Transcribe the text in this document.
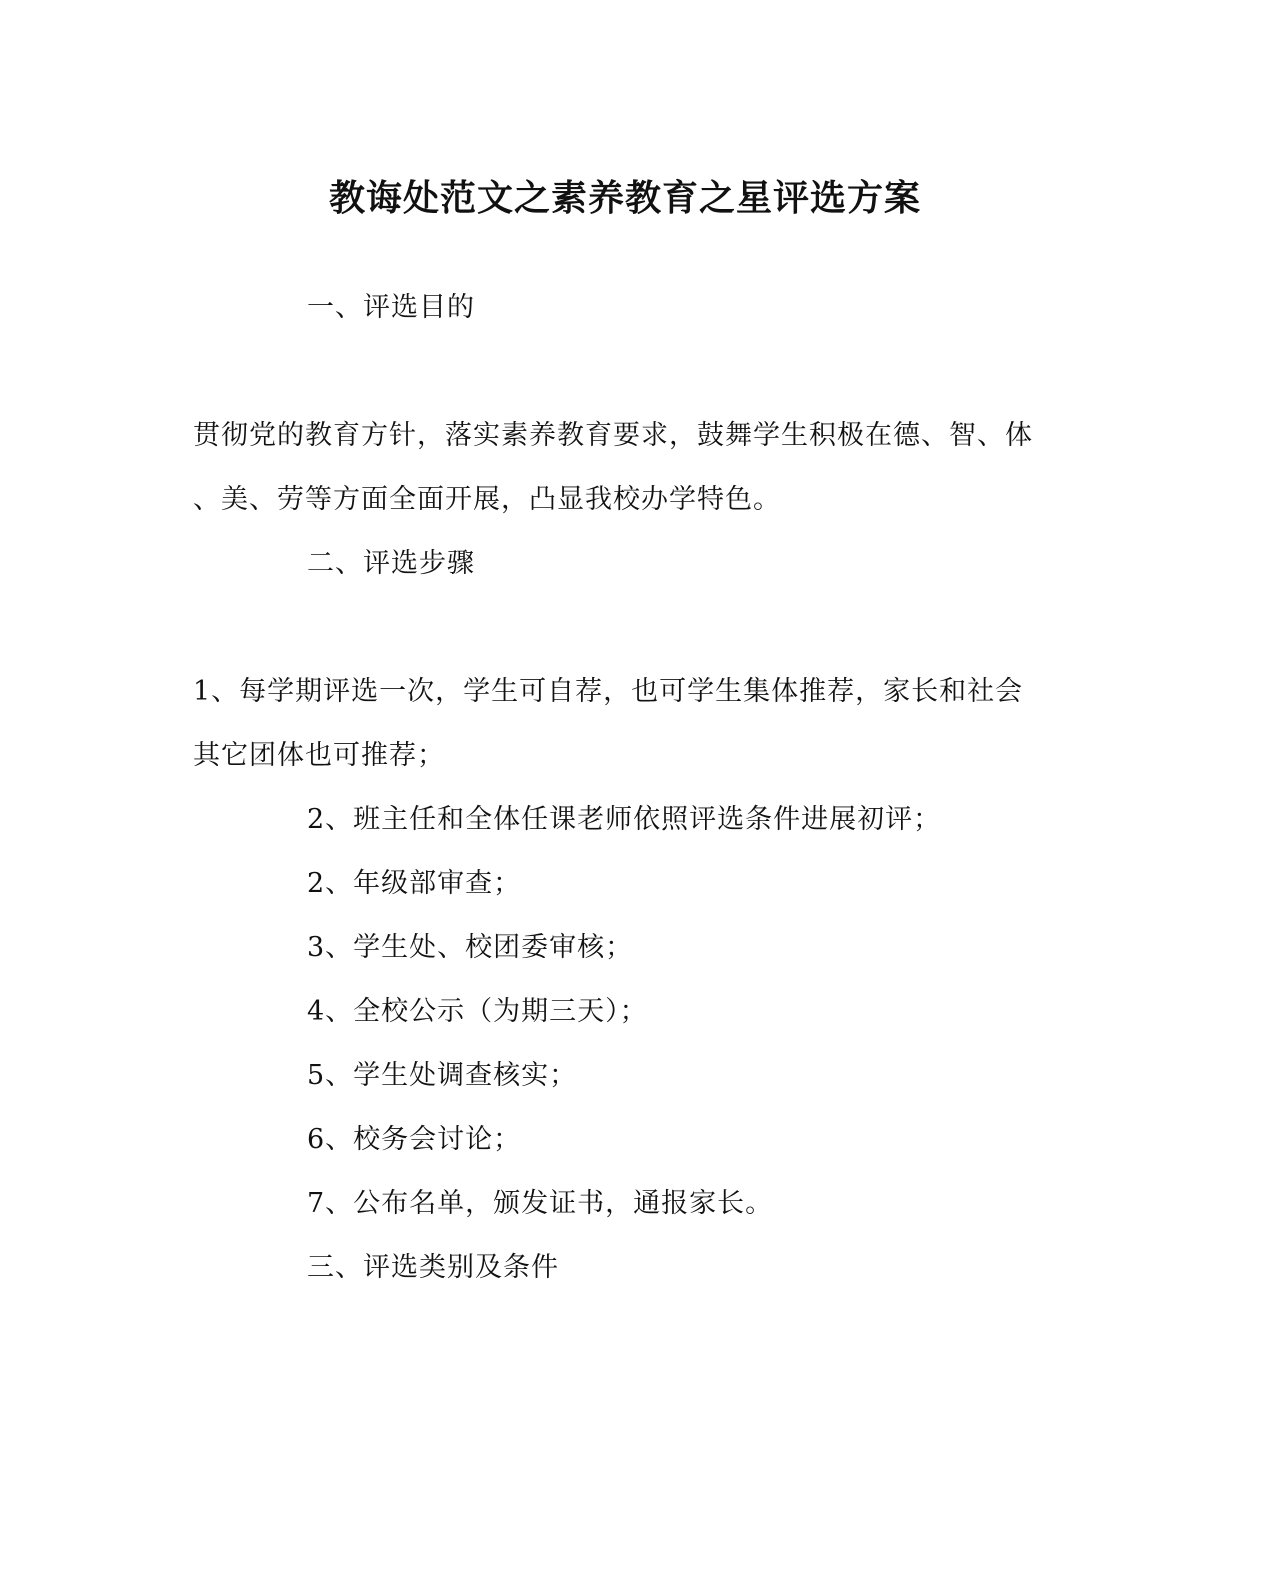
教诲处范文之素养教育之星评选方案
一、评选目的
贯彻党的教育方针，落实素养教育要求，鼓舞学生积极在德、智、体
、美、劳等方面全面开展，凸显我校办学特色。
二、评选步骤
1、每学期评选一次，学生可自荐，也可学生集体推荐，家长和社会
其它团体也可推荐；
2、班主任和全体任课老师依照评选条件进展初评；
2、年级部审查；
3、学生处、校团委审核；
4、全校公示（为期三天）；
5、学生处调查核实；
6、校务会讨论；
7、公布名单，颁发证书，通报家长。
三、评选类别及条件
